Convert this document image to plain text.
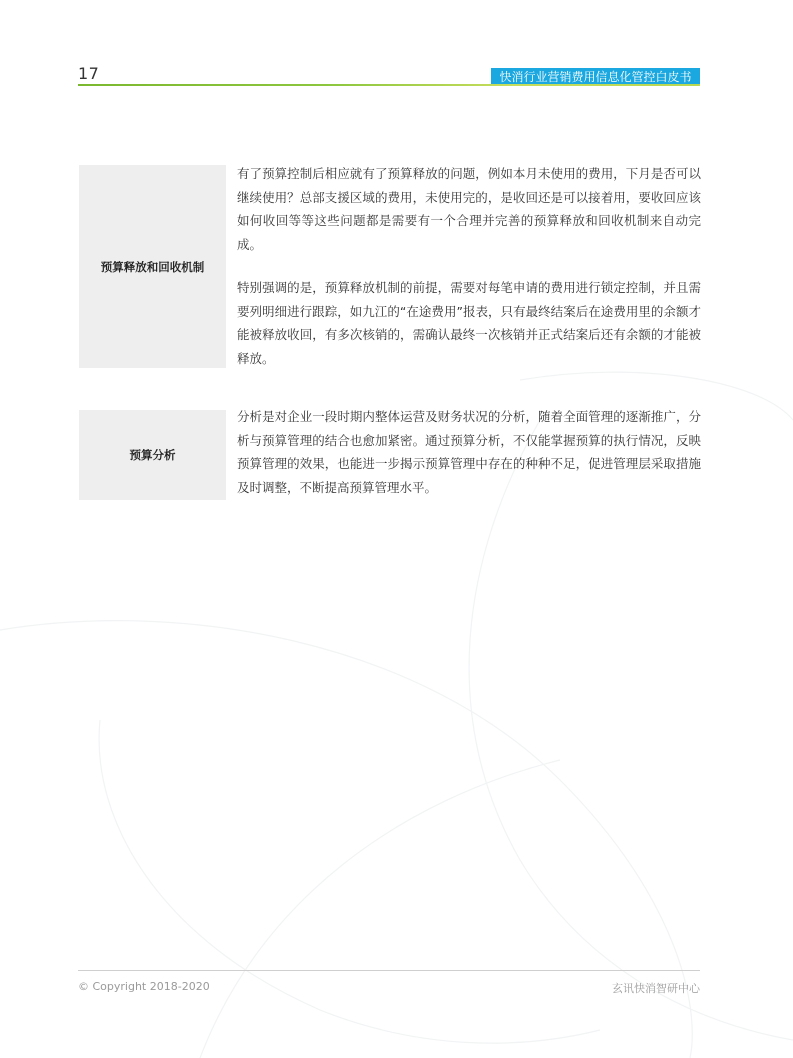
17	快消行业营销费用信息化管控白皮书
预算释放和回收机制

有了预算控制后相应就有了预算释放的问题，例如本月未使用的费用，下月是否可以继续使用？总部支援区域的费用，未使用完的，是收回还是可以接着用，要收回应该如何收回等等这些问题都是需要有一个合理并完善的预算释放和回收机制来自动完成。

特别强调的是，预算释放机制的前提，需要对每笔申请的费用进行锁定控制，并且需要列明细进行跟踪，如九江的“在途费用”报表，只有最终结案后在途费用里的余额才能被释放收回，有多次核销的，需确认最终一次核销并正式结案后还有余额的才能被释放。

预算分析

分析是对企业一段时期内整体运营及财务状况的分析，随着全面管理的逐渐推广，分析与预算管理的结合也愈加紧密。通过预算分析，不仅能掌握预算的执行情况，反映预算管理的效果，也能进一步揭示预算管理中存在的种种不足，促进管理层采取措施及时调整，不断提高预算管理水平。

© Copyright 2018-2020	玄讯快消智研中心
